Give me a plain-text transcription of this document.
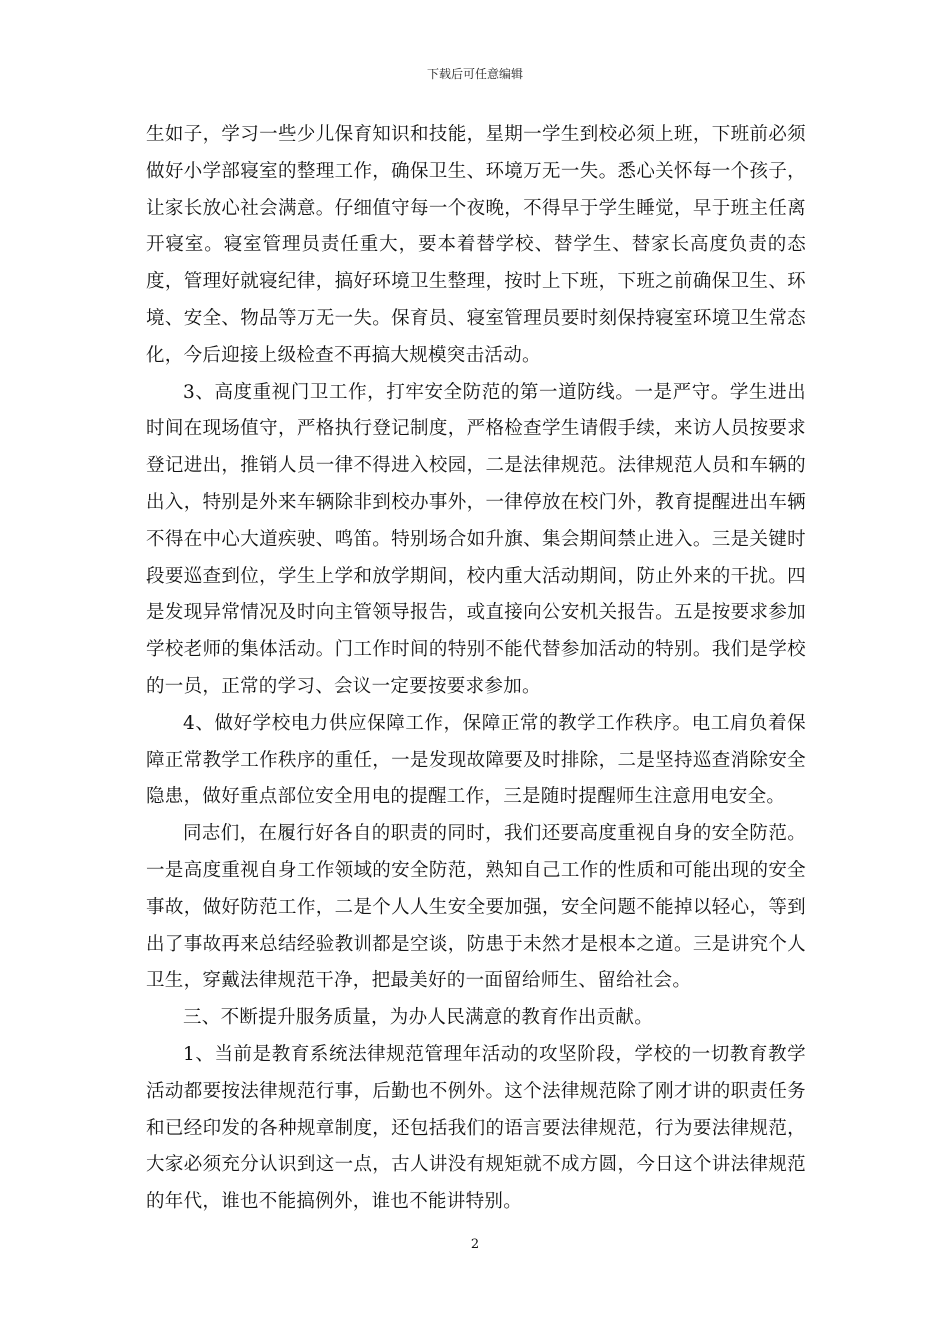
下载后可任意编辑

生如子，学习一些少儿保育知识和技能，星期一学生到校必须上班，下班前必须做好小学部寝室的整理工作，确保卫生、环境万无一失。悉心关怀每一个孩子，让家长放心社会满意。仔细值守每一个夜晚，不得早于学生睡觉，早于班主任离开寝室。寝室管理员责任重大，要本着替学校、替学生、替家长高度负责的态度，管理好就寝纪律，搞好环境卫生整理，按时上下班，下班之前确保卫生、环境、安全、物品等万无一失。保育员、寝室管理员要时刻保持寝室环境卫生常态化，今后迎接上级检查不再搞大规模突击活动。

3、高度重视门卫工作，打牢安全防范的第一道防线。一是严守。学生进出时间在现场值守，严格执行登记制度，严格检查学生请假手续，来访人员按要求登记进出，推销人员一律不得进入校园，二是法律规范。法律规范人员和车辆的出入，特别是外来车辆除非到校办事外，一律停放在校门外，教育提醒进出车辆不得在中心大道疾驶、鸣笛。特别场合如升旗、集会期间禁止进入。三是关键时段要巡查到位，学生上学和放学期间，校内重大活动期间，防止外来的干扰。四是发现异常情况及时向主管领导报告，或直接向公安机关报告。五是按要求参加学校老师的集体活动。门工作时间的特别不能代替参加活动的特别。我们是学校的一员，正常的学习、会议一定要按要求参加。

4、做好学校电力供应保障工作，保障正常的教学工作秩序。电工肩负着保障正常教学工作秩序的重任，一是发现故障要及时排除，二是坚持巡查消除安全隐患，做好重点部位安全用电的提醒工作，三是随时提醒师生注意用电安全。

同志们，在履行好各自的职责的同时，我们还要高度重视自身的安全防范。一是高度重视自身工作领域的安全防范，熟知自己工作的性质和可能出现的安全事故，做好防范工作，二是个人人生安全要加强，安全问题不能掉以轻心，等到出了事故再来总结经验教训都是空谈，防患于未然才是根本之道。三是讲究个人卫生，穿戴法律规范干净，把最美好的一面留给师生、留给社会。

三、不断提升服务质量，为办人民满意的教育作出贡献。

1、当前是教育系统法律规范管理年活动的攻坚阶段，学校的一切教育教学活动都要按法律规范行事，后勤也不例外。这个法律规范除了刚才讲的职责任务和已经印发的各种规章制度，还包括我们的语言要法律规范，行为要法律规范，大家必须充分认识到这一点，古人讲没有规矩就不成方圆，今日这个讲法律规范的年代，谁也不能搞例外，谁也不能讲特别。

2
